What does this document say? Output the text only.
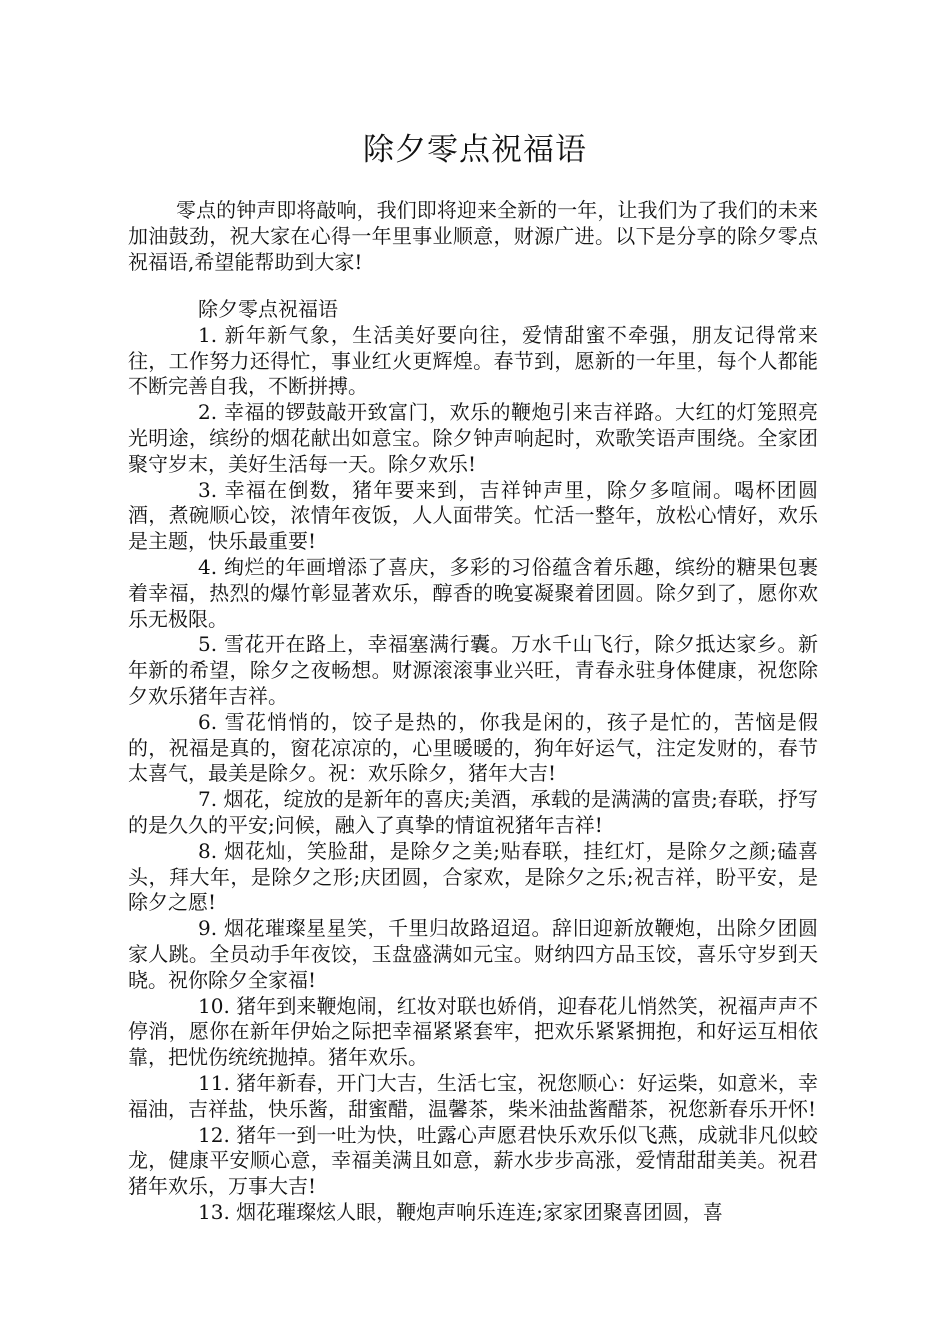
除夕零点祝福语
零点的钟声即将敲响，我们即将迎来全新的一年，让我们为了我们的未来加油鼓劲，祝大家在心得一年里事业顺意，财源广进。以下是分享的除夕零点祝福语,希望能帮助到大家!

除夕零点祝福语

1. 新年新气象，生活美好要向往，爱情甜蜜不牵强，朋友记得常来往，工作努力还得忙，事业红火更辉煌。春节到，愿新的一年里，每个人都能不断完善自我，不断拼搏。

2. 幸福的锣鼓敲开致富门，欢乐的鞭炮引来吉祥路。大红的灯笼照亮光明途，缤纷的烟花献出如意宝。除夕钟声响起时，欢歌笑语声围绕。全家团聚守岁末，美好生活每一天。除夕欢乐!

3. 幸福在倒数，猪年要来到，吉祥钟声里，除夕多喧闹。喝杯团圆酒，煮碗顺心饺，浓情年夜饭，人人面带笑。忙活一整年，放松心情好，欢乐是主题，快乐最重要!

4. 绚烂的年画增添了喜庆，多彩的习俗蕴含着乐趣，缤纷的糖果包裹着幸福，热烈的爆竹彰显著欢乐，醇香的晚宴凝聚着团圆。除夕到了，愿你欢乐无极限。

5. 雪花开在路上，幸福塞满行囊。万水千山飞行，除夕抵达家乡。新年新的希望，除夕之夜畅想。财源滚滚事业兴旺，青春永驻身体健康，祝您除夕欢乐猪年吉祥。

6. 雪花悄悄的，饺子是热的，你我是闲的，孩子是忙的，苦恼是假的，祝福是真的，窗花凉凉的，心里暖暖的，狗年好运气，注定发财的，春节太喜气，最美是除夕。祝：欢乐除夕，猪年大吉!

7. 烟花，绽放的是新年的喜庆;美酒，承载的是满满的富贵;春联，抒写的是久久的平安;问候，融入了真挚的情谊祝猪年吉祥!

8. 烟花灿，笑脸甜，是除夕之美;贴春联，挂红灯，是除夕之颜;磕喜头，拜大年，是除夕之形;庆团圆，合家欢，是除夕之乐;祝吉祥，盼平安，是除夕之愿!

9. 烟花璀璨星星笑，千里归故路迢迢。辞旧迎新放鞭炮，出除夕团圆家人跳。全员动手年夜饺，玉盘盛满如元宝。财纳四方品玉饺，喜乐守岁到天晓。祝你除夕全家福!

10. 猪年到来鞭炮闹，红妆对联也娇俏，迎春花儿悄然笑，祝福声声不停消，愿你在新年伊始之际把幸福紧紧套牢，把欢乐紧紧拥抱，和好运互相依靠，把忧伤统统抛掉。猪年欢乐。

11. 猪年新春，开门大吉，生活七宝，祝您顺心：好运柴，如意米，幸福油，吉祥盐，快乐酱，甜蜜醋，温馨茶，柴米油盐酱醋茶，祝您新春乐开怀!

12. 猪年一到一吐为快，吐露心声愿君快乐欢乐似飞燕，成就非凡似蛟龙，健康平安顺心意，幸福美满且如意，薪水步步高涨，爱情甜甜美美。祝君猪年欢乐，万事大吉!

13. 烟花璀璨炫人眼，鞭炮声响乐连连;家家团聚喜团圆，喜
